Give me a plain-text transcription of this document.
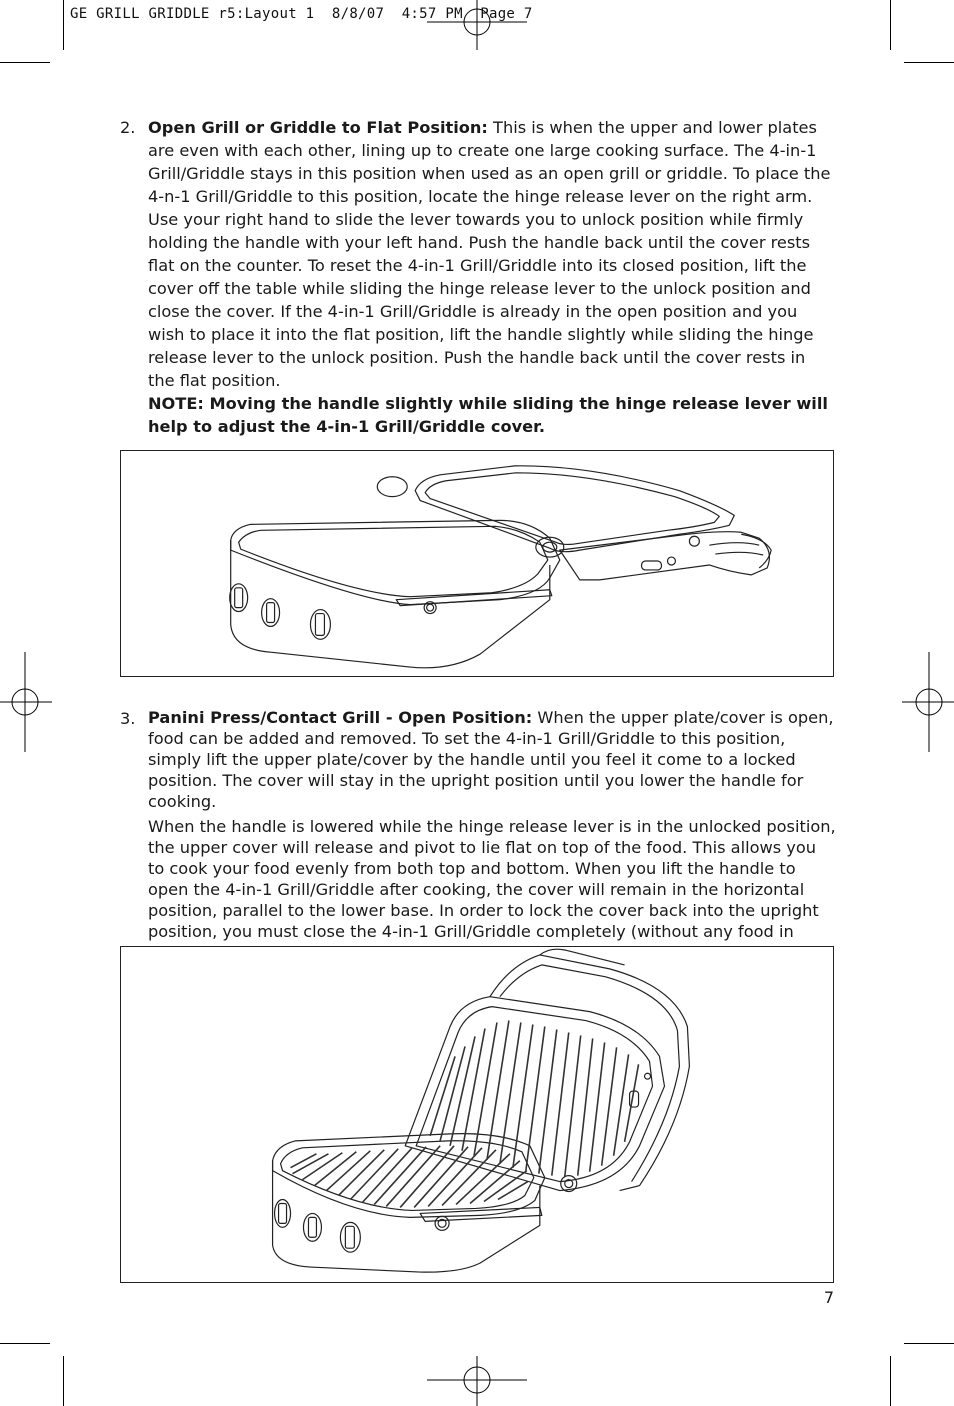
GE GRILL GRIDDLE r5:Layout 1  8/8/07  4:57 PM  Page 7
2. Open Grill or Griddle to Flat Position: This is when the upper and lower plates are even with each other, lining up to create one large cooking surface. The 4-in-1 Grill/Griddle stays in this position when used as an open grill or griddle. To place the 4-n-1 Grill/Griddle to this position, locate the hinge release lever on the right arm. Use your right hand to slide the lever towards you to unlock position while firmly holding the handle with your left hand. Push the handle back until the cover rests flat on the counter. To reset the 4-in-1 Grill/Griddle into its closed position, lift the cover off the table while sliding the hinge release lever to the unlock position and close the cover. If the 4-in-1 Grill/Griddle is already in the open position and you wish to place it into the flat position, lift the handle slightly while sliding the hinge release lever to the unlock position. Push the handle back until the cover rests in the flat position.

NOTE: Moving the handle slightly while sliding the hinge release lever will help to adjust the 4-in-1 Grill/Griddle cover.
3. Panini Press/Contact Grill - Open Position: When the upper plate/cover is open, food can be added and removed. To set the 4-in-1 Grill/Griddle to this position, simply lift the upper plate/cover by the handle until you feel it come to a locked position. The cover will stay in the upright position until you lower the handle for cooking.

When the handle is lowered while the hinge release lever is in the unlocked position, the upper cover will release and pivot to lie flat on top of the food. This allows you to cook your food evenly from both top and bottom. When you lift the handle to open the 4-in-1 Grill/Griddle after cooking, the cover will remain in the horizontal position, parallel to the lower base. In order to lock the cover back into the upright position, you must close the 4-in-1 Grill/Griddle completely (without any food in

7
